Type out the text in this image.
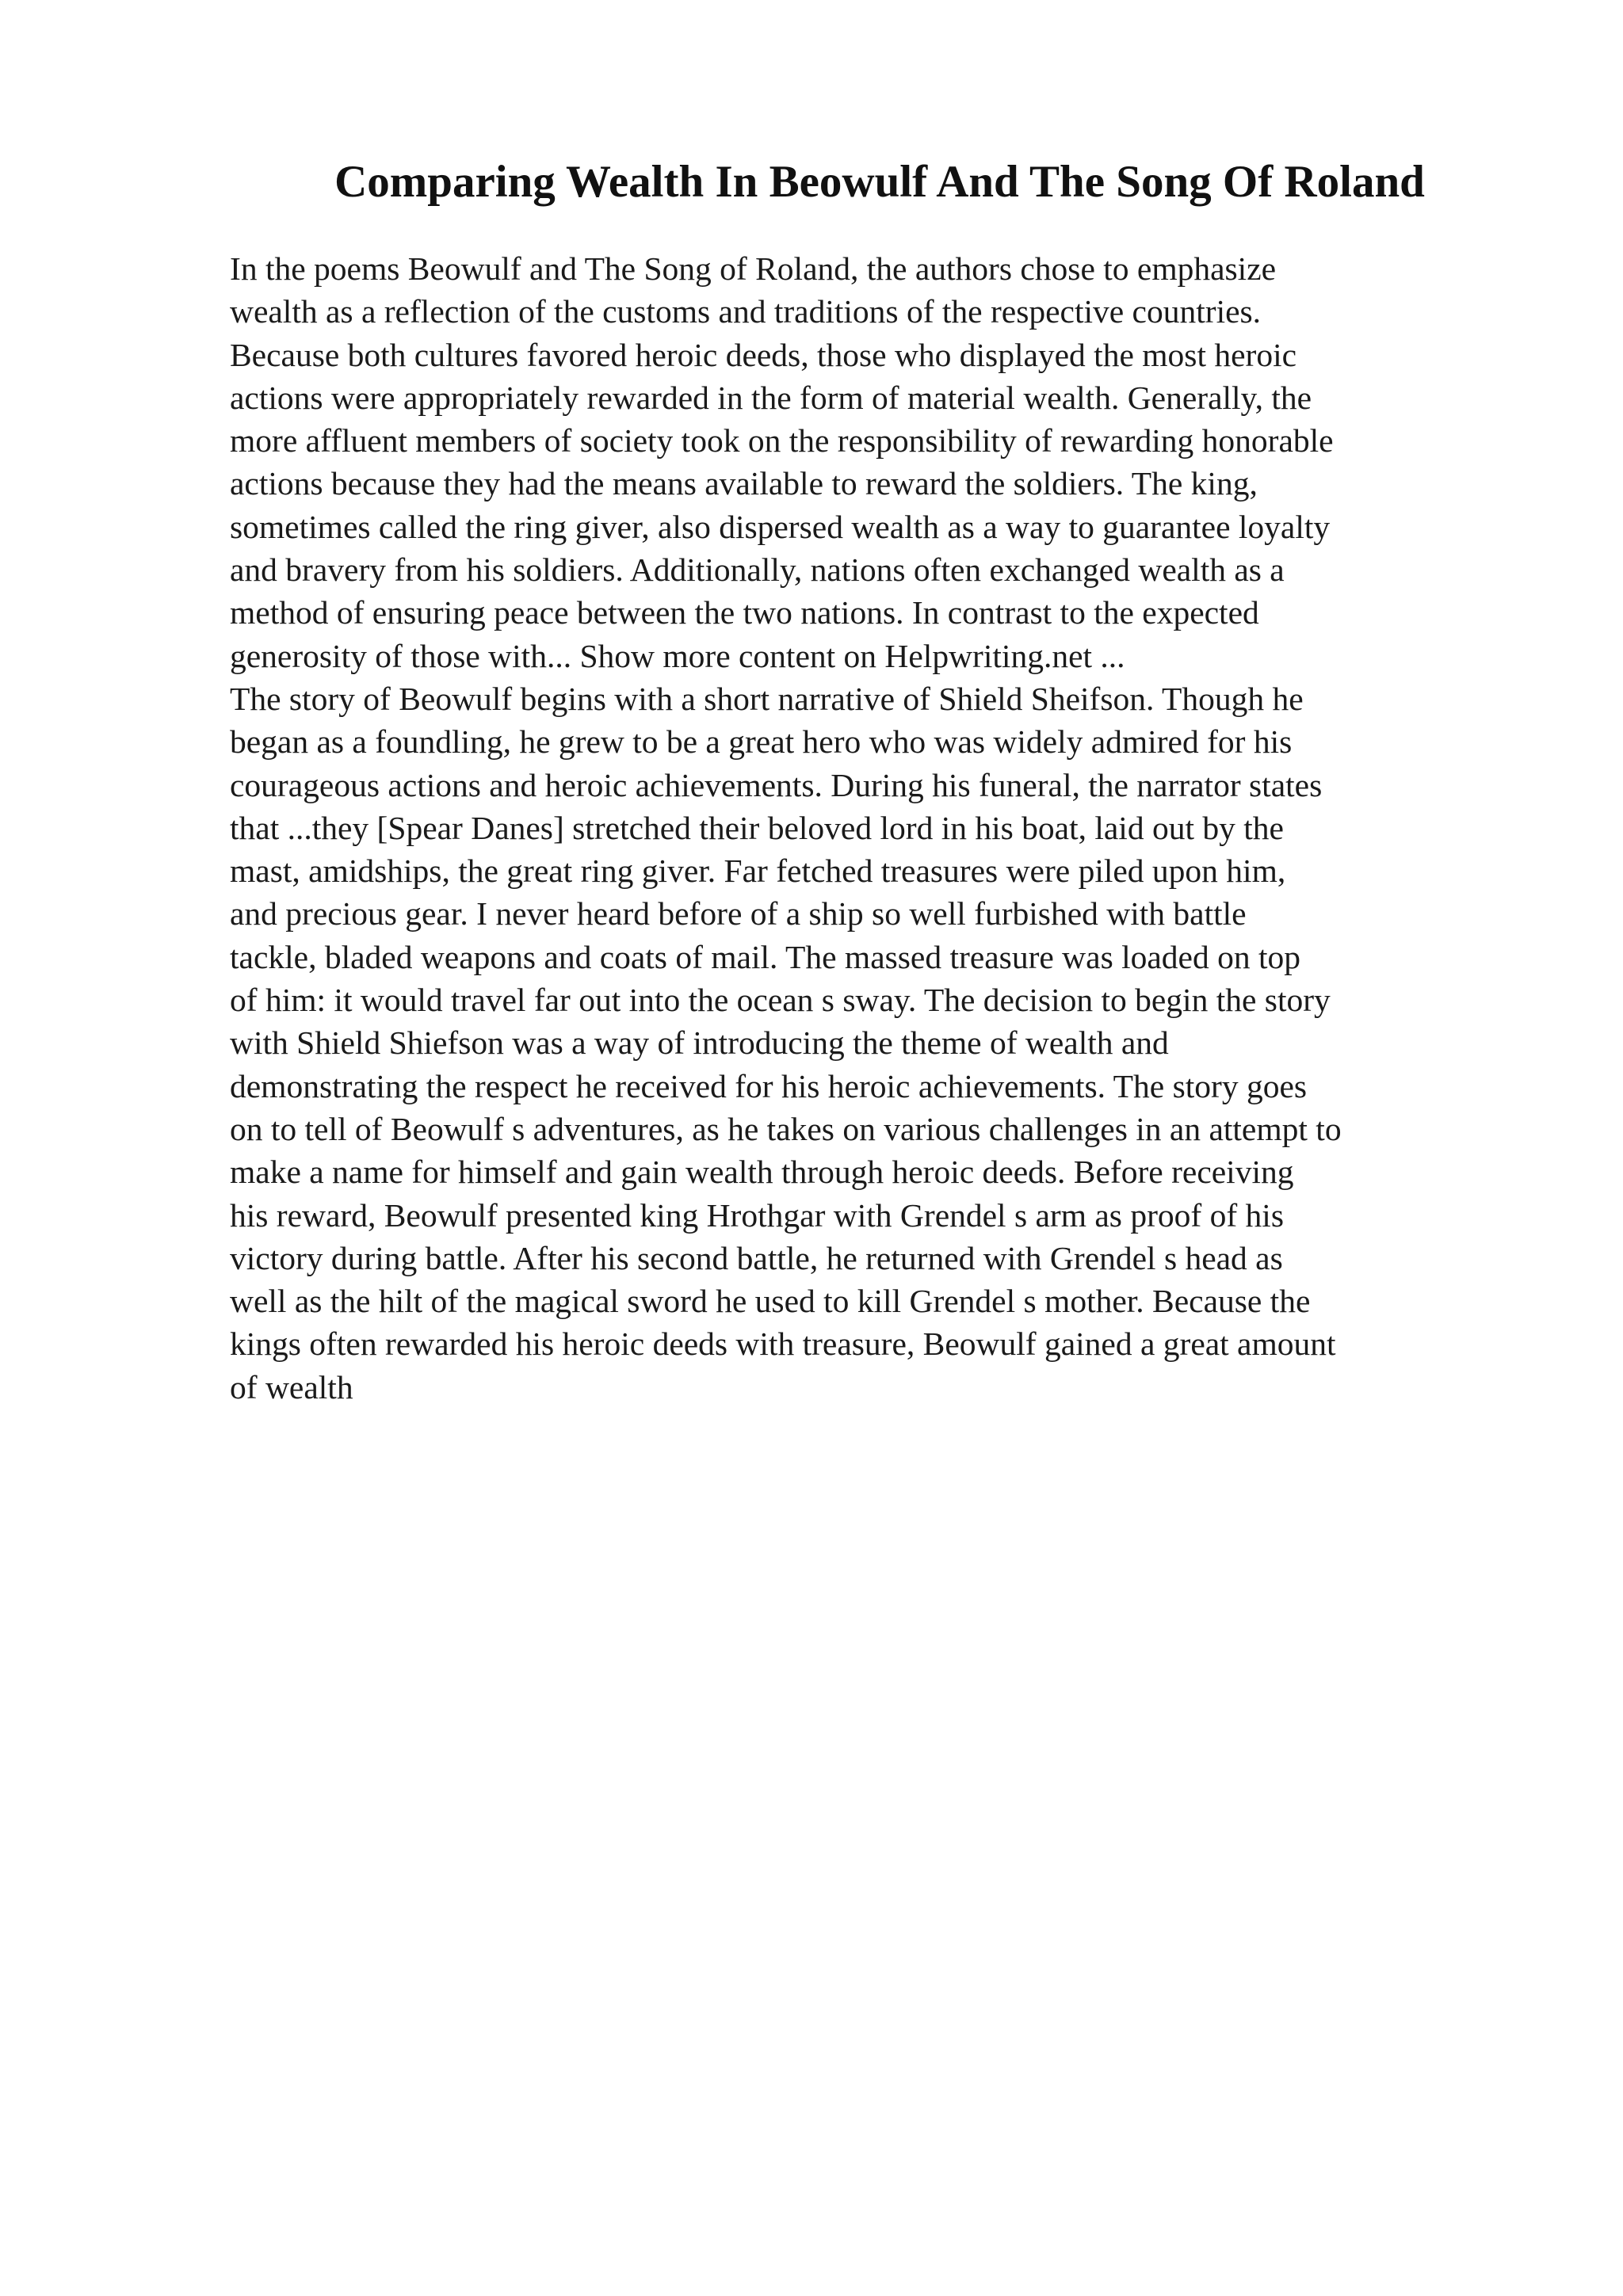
Comparing Wealth In Beowulf And The Song Of Roland
In the poems Beowulf and The Song of Roland, the authors chose to emphasize
wealth as a reflection of the customs and traditions of the respective countries.
Because both cultures favored heroic deeds, those who displayed the most heroic
actions were appropriately rewarded in the form of material wealth. Generally, the
more affluent members of society took on the responsibility of rewarding honorable
actions because they had the means available to reward the soldiers. The king,
sometimes called the ring giver, also dispersed wealth as a way to guarantee loyalty
and bravery from his soldiers. Additionally, nations often exchanged wealth as a
method of ensuring peace between the two nations. In contrast to the expected
generosity of those with... Show more content on Helpwriting.net ...
The story of Beowulf begins with a short narrative of Shield Sheifson. Though he
began as a foundling, he grew to be a great hero who was widely admired for his
courageous actions and heroic achievements. During his funeral, the narrator states
that ...they [Spear Danes] stretched their beloved lord in his boat, laid out by the
mast, amidships, the great ring giver. Far fetched treasures were piled upon him,
and precious gear. I never heard before of a ship so well furbished with battle
tackle, bladed weapons and coats of mail. The massed treasure was loaded on top
of him: it would travel far out into the ocean s sway. The decision to begin the story
with Shield Shiefson was a way of introducing the theme of wealth and
demonstrating the respect he received for his heroic achievements. The story goes
on to tell of Beowulf s adventures, as he takes on various challenges in an attempt to
make a name for himself and gain wealth through heroic deeds. Before receiving
his reward, Beowulf presented king Hrothgar with Grendel s arm as proof of his
victory during battle. After his second battle, he returned with Grendel s head as
well as the hilt of the magical sword he used to kill Grendel s mother. Because the
kings often rewarded his heroic deeds with treasure, Beowulf gained a great amount
of wealth
